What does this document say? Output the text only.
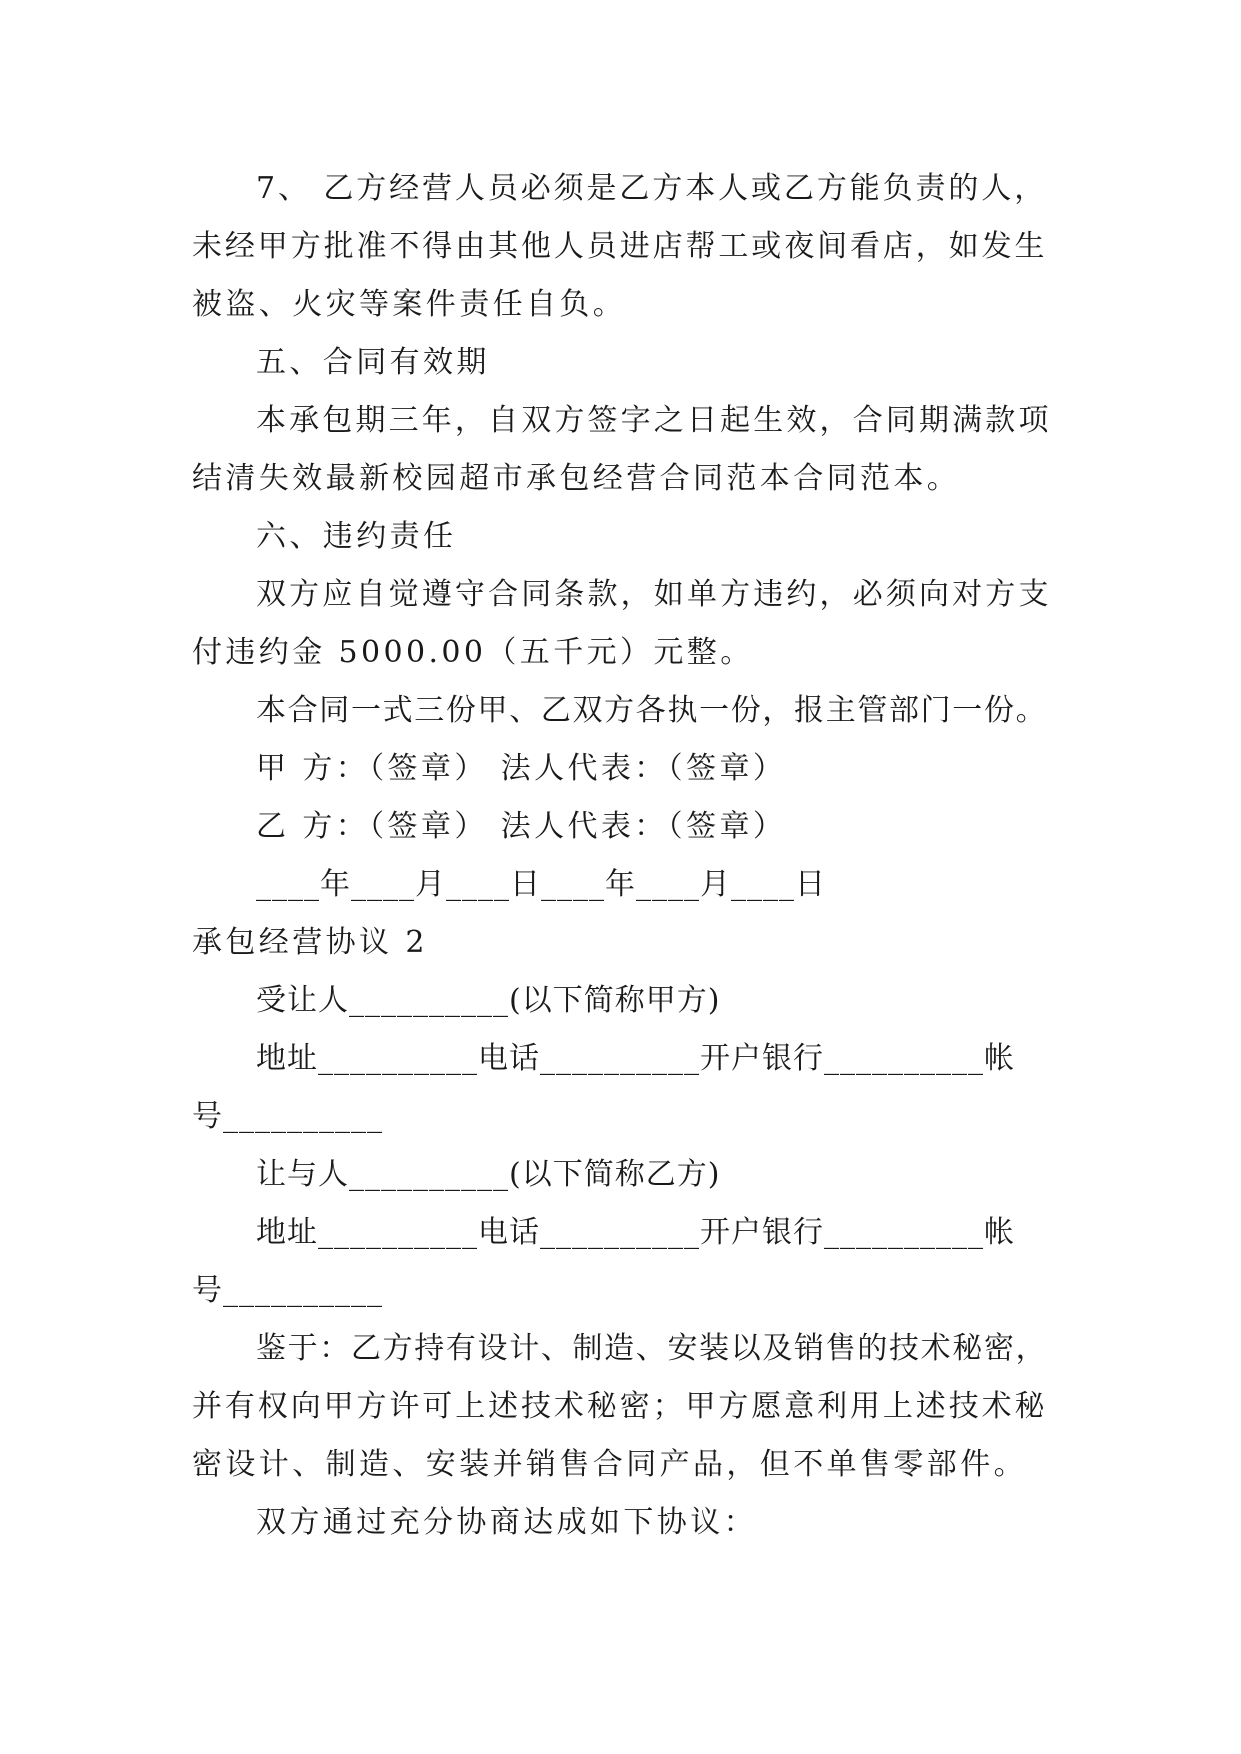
7、 乙方经营人员必须是乙方本人或乙方能负责的人，
未经甲方批准不得由其他人员进店帮工或夜间看店，如发生
被盗、火灾等案件责任自负。
五、合同有效期
本承包期三年，自双方签字之日起生效，合同期满款项
结清失效最新校园超市承包经营合同范本合同范本。
六、违约责任
双方应自觉遵守合同条款，如单方违约，必须向对方支
付违约金 5000.00（五千元）元整。
本合同一式三份甲、乙双方各执一份，报主管部门一份。
甲 方：（签章） 法人代表：（签章）
乙 方：（签章） 法人代表：（签章）
____年____月____日____年____月____日
承包经营协议 2
受让人__________(以下简称甲方)
地址__________电话__________开户银行__________帐
号__________
让与人__________(以下简称乙方)
地址__________电话__________开户银行__________帐
号__________
鉴于：乙方持有设计、制造、安装以及销售的技术秘密，
并有权向甲方许可上述技术秘密；甲方愿意利用上述技术秘
密设计、制造、安装并销售合同产品，但不单售零部件。
双方通过充分协商达成如下协议：
